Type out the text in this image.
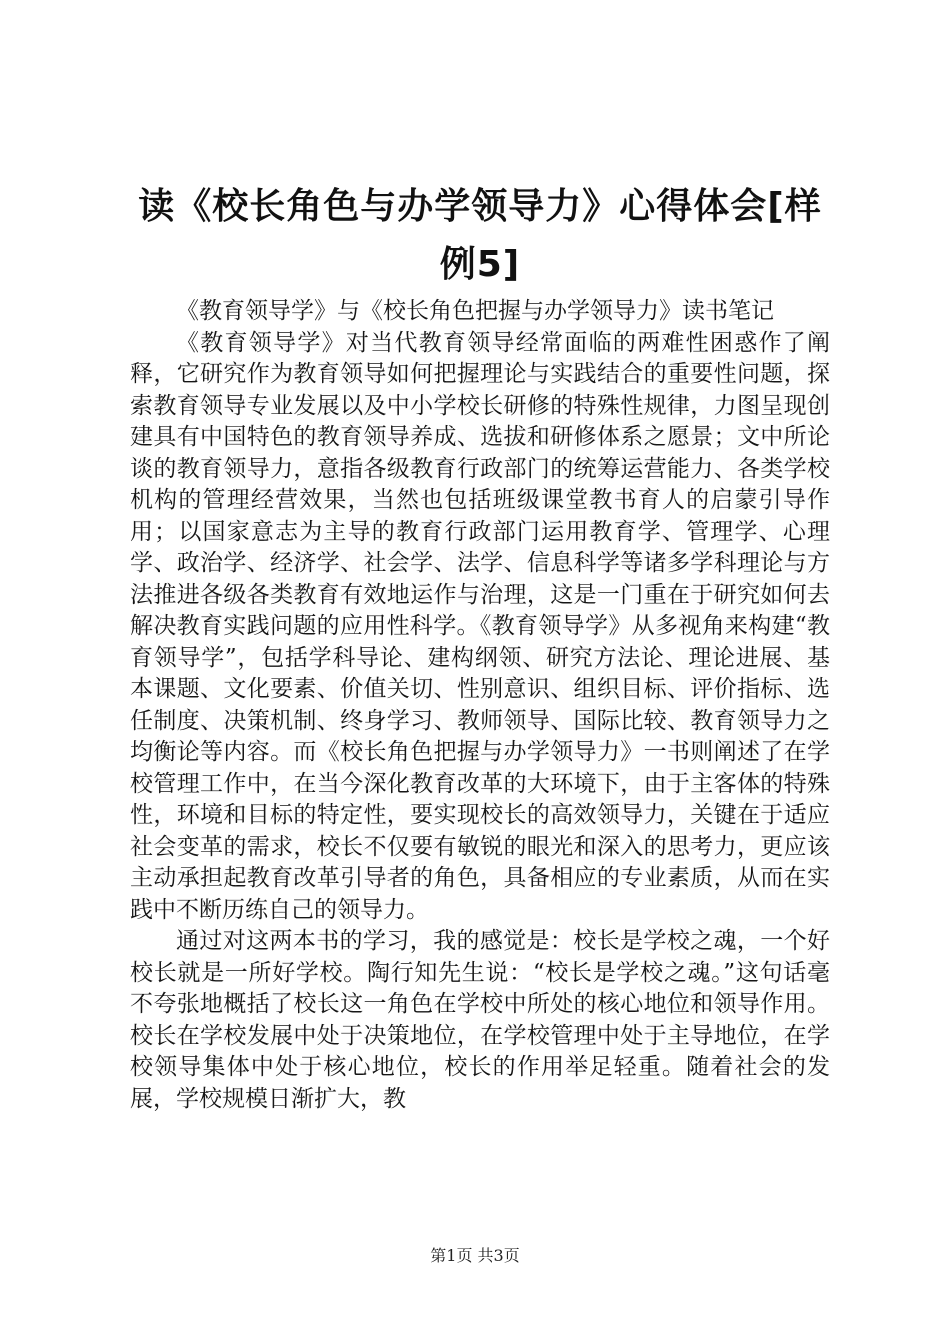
读《校长角色与办学领导力》心得体会[样例5]

《教育领导学》与《校长角色把握与办学领导力》读书笔记

《教育领导学》对当代教育领导经常面临的两难性困惑作了阐释，它研究作为教育领导如何把握理论与实践结合的重要性问题，探索教育领导专业发展以及中小学校长研修的特殊性规律，力图呈现创建具有中国特色的教育领导养成、选拔和研修体系之愿景；文中所论谈的教育领导力，意指各级教育行政部门的统筹运营能力、各类学校机构的管理经营效果，当然也包括班级课堂教书育人的启蒙引导作用；以国家意志为主导的教育行政部门运用教育学、管理学、心理学、政治学、经济学、社会学、法学、信息科学等诸多学科理论与方法推进各级各类教育有效地运作与治理，这是一门重在于研究如何去解决教育实践问题的应用性科学。《教育领导学》从多视角来构建“教育领导学”，包括学科导论、建构纲领、研究方法论、理论进展、基本课题、文化要素、价值关切、性别意识、组织目标、评价指标、选任制度、决策机制、终身学习、教师领导、国际比较、教育领导力之均衡论等内容。而《校长角色把握与办学领导力》一书则阐述了在学校管理工作中，在当今深化教育改革的大环境下，由于主客体的特殊性，环境和目标的特定性，要实现校长的高效领导力，关键在于适应社会变革的需求，校长不仅要有敏锐的眼光和深入的思考力，更应该主动承担起教育改革引导者的角色，具备相应的专业素质，从而在实践中不断历练自己的领导力。

通过对这两本书的学习，我的感觉是：校长是学校之魂，一个好校长就是一所好学校。陶行知先生说：“校长是学校之魂。”这句话毫不夸张地概括了校长这一角色在学校中所处的核心地位和领导作用。校长在学校发展中处于决策地位，在学校管理中处于主导地位，在学校领导集体中处于核心地位，校长的作用举足轻重。随着社会的发展，学校规模日渐扩大，教

第1页 共3页
